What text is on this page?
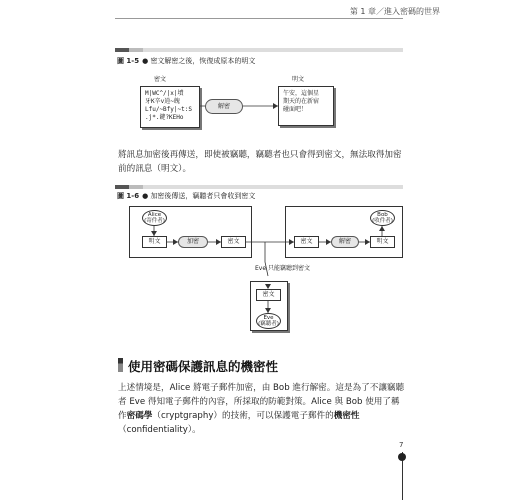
第 1 章／進入密碼的世界
圖 1-5 ● 密文解密之後，恢復成原本的明文
密文
M|WC^/|x|墳
牙K辛v逍~魄
Lfu/~Bfy|~t:S
.j*.鍵?KEHo
解密
明文
午安，這個星
期天的在新宿
碰面吧！
將訊息加密後再傳送，即使被竊聽，竊聽者也只會得到密文，無法取得加密前的訊息（明文）。
圖 1-6 ● 加密後傳送，竊聽者只會收到密文
Alice
(寄件者)
明文	加密	密文
Bob
(收件者)
密文	解密	明文
Eve 只能竊聽到密文
密文
Eve
(竊聽者)
使用密碼保護訊息的機密性
上述情境是，Alice 將電子郵件加密，由 Bob 進行解密。這是為了不讓竊聽者 Eve 得知電子郵件的內容，所採取的防範對策。Alice 與 Bob 使用了稱作密碼學（cryptgraphy）的技術，可以保護電子郵件的機密性（confidentiality）。
7
